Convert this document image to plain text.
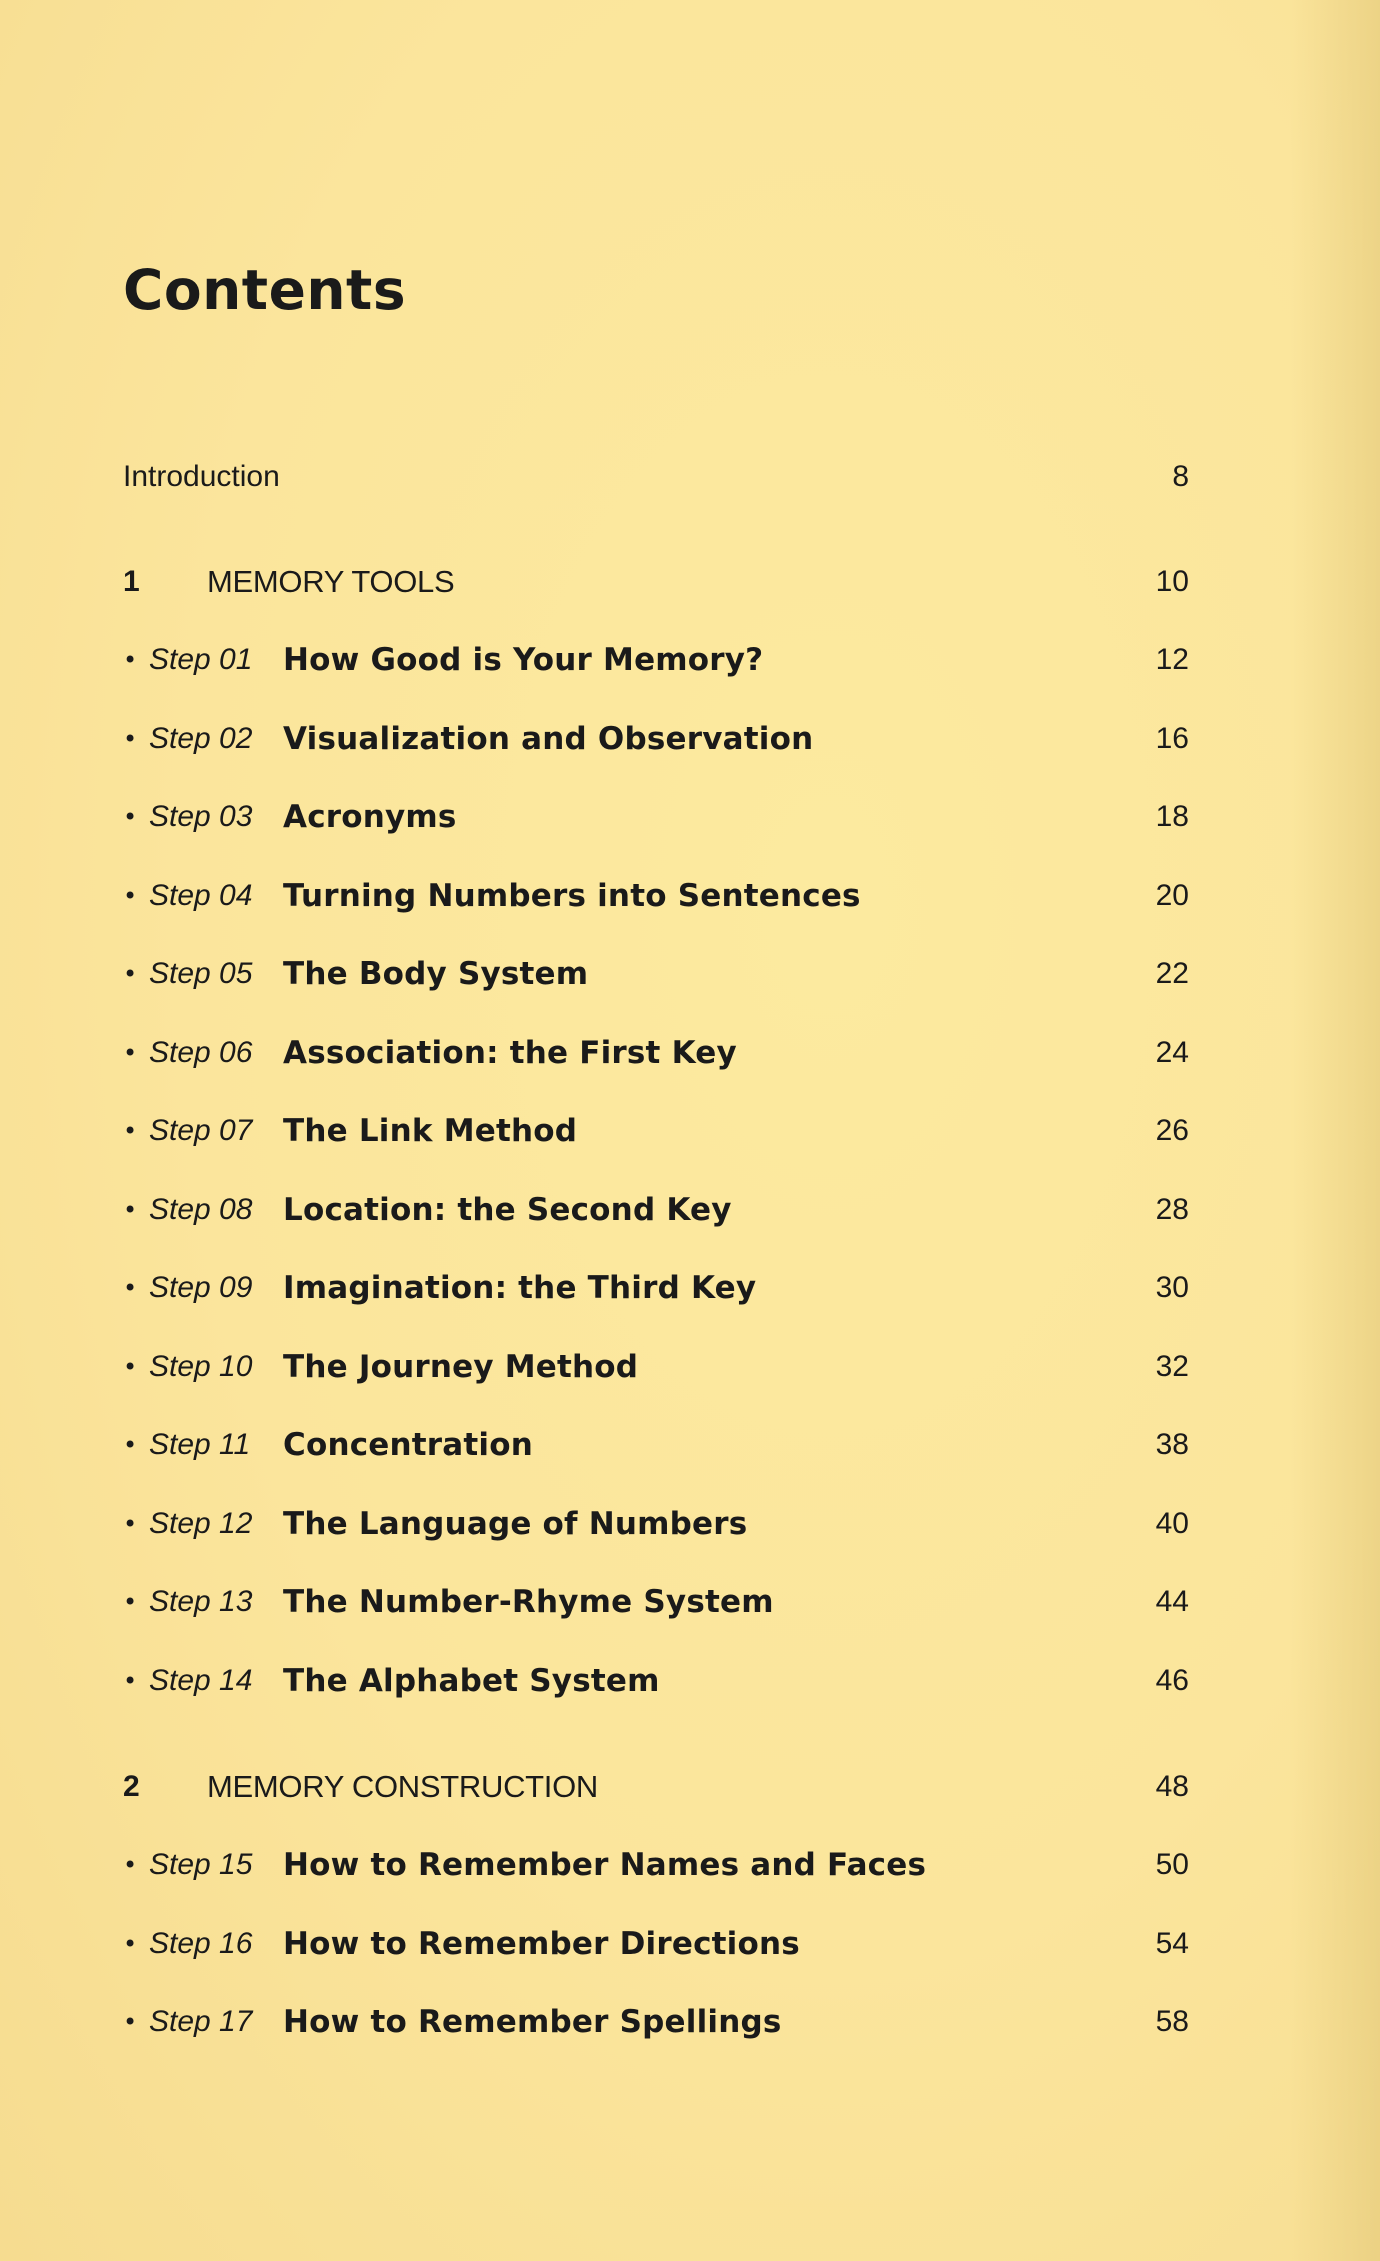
Contents
Introduction	8
1	MEMORY TOOLS	10
• Step 01 How Good is Your Memory?	12
• Step 02 Visualization and Observation	16
• Step 03 Acronyms	18
• Step 04 Turning Numbers into Sentences	20
• Step 05 The Body System	22
• Step 06 Association: the First Key	24
• Step 07 The Link Method	26
• Step 08 Location: the Second Key	28
• Step 09 Imagination: the Third Key	30
• Step 10 The Journey Method	32
• Step 11	Concentration	38
• Step 12 The Language of Numbers	40
• Step 13 The Number-Rhyme System	44
• Step 14 The Alphabet System	46
2	MEMORY CONSTRUCTION	48
• Step 15 How to Remember Names and Faces	50
• Step 16 How to Remember Directions	54
• Step 17 How to Remember Spellings	58
